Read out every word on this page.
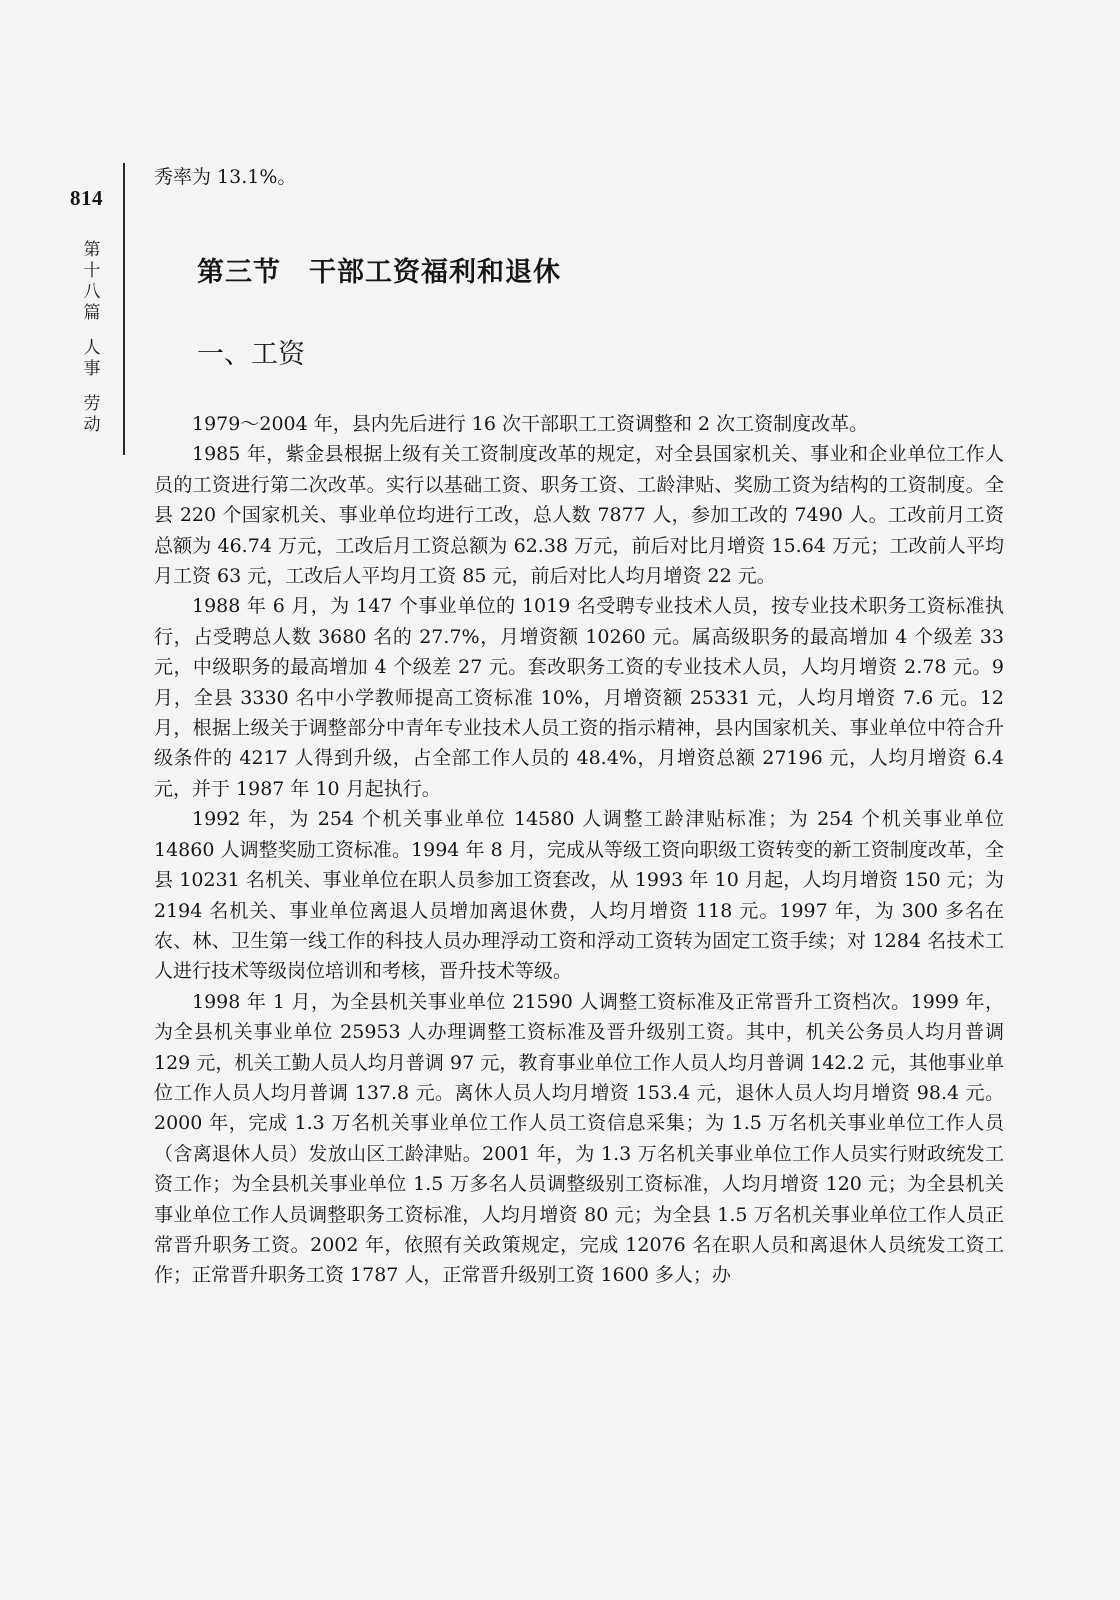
814
第
十
八
篇
人
事
劳
动

秀率为 13.1%。

第三节　干部工资福利和退休
一、工资

1979～2004 年，县内先后进行 16 次干部职工工资调整和 2 次工资制度改革。

1985 年，紫金县根据上级有关工资制度改革的规定，对全县国家机关、事业和企业单位工作人员的工资进行第二次改革。实行以基础工资、职务工资、工龄津贴、奖励工资为结构的工资制度。全县 220 个国家机关、事业单位均进行工改，总人数 7877 人，参加工改的 7490 人。工改前月工资总额为 46.74 万元，工改后月工资总额为 62.38 万元，前后对比月增资 15.64 万元；工改前人平均月工资 63 元，工改后人平均月工资 85 元，前后对比人均月增资 22 元。

1988 年 6 月，为 147 个事业单位的 1019 名受聘专业技术人员，按专业技术职务工资标准执行，占受聘总人数 3680 名的 27.7%，月增资额 10260 元。属高级职务的最高增加 4 个级差 33 元，中级职务的最高增加 4 个级差 27 元。套改职务工资的专业技术人员，人均月增资 2.78 元。9 月，全县 3330 名中小学教师提高工资标准 10%，月增资额 25331 元，人均月增资 7.6 元。12 月，根据上级关于调整部分中青年专业技术人员工资的指示精神，县内国家机关、事业单位中符合升级条件的 4217 人得到升级，占全部工作人员的 48.4%，月增资总额 27196 元，人均月增资 6.4 元，并于 1987 年 10 月起执行。

1992 年，为 254 个机关事业单位 14580 人调整工龄津贴标准；为 254 个机关事业单位 14860 人调整奖励工资标准。1994 年 8 月，完成从等级工资向职级工资转变的新工资制度改革，全县 10231 名机关、事业单位在职人员参加工资套改，从 1993 年 10 月起，人均月增资 150 元；为 2194 名机关、事业单位离退人员增加离退休费，人均月增资 118 元。1997 年，为 300 多名在农、林、卫生第一线工作的科技人员办理浮动工资和浮动工资转为固定工资手续；对 1284 名技术工人进行技术等级岗位培训和考核，晋升技术等级。

1998 年 1 月，为全县机关事业单位 21590 人调整工资标准及正常晋升工资档次。1999 年，为全县机关事业单位 25953 人办理调整工资标准及晋升级别工资。其中，机关公务员人均月普调 129 元，机关工勤人员人均月普调 97 元，教育事业单位工作人员人均月普调 142.2 元，其他事业单位工作人员人均月普调 137.8 元。离休人员人均月增资 153.4 元，退休人员人均月增资 98.4 元。2000 年，完成 1.3 万名机关事业单位工作人员工资信息采集；为 1.5 万名机关事业单位工作人员（含离退休人员）发放山区工龄津贴。2001 年，为 1.3 万名机关事业单位工作人员实行财政统发工资工作；为全县机关事业单位 1.5 万多名人员调整级别工资标准，人均月增资 120 元；为全县机关事业单位工作人员调整职务工资标准，人均月增资 80 元；为全县 1.5 万名机关事业单位工作人员正常晋升职务工资。2002 年，依照有关政策规定，完成 12076 名在职人员和离退休人员统发工资工作；正常晋升职务工资 1787 人，正常晋升级别工资 1600 多人；办
